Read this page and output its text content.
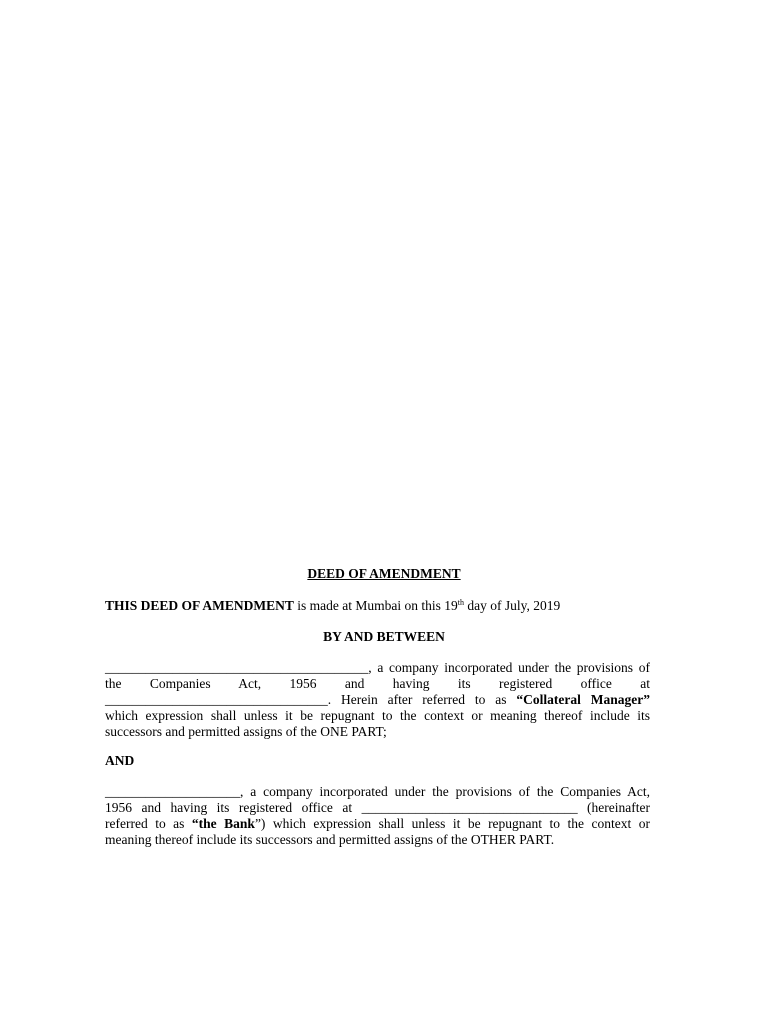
DEED OF AMENDMENT
THIS DEED OF AMENDMENT is made at Mumbai on this 19th day of July, 2019
BY AND BETWEEN
_______________________________________, a company incorporated under the provisions of
the Companies Act, 1956 and having its registered office at
_________________________________. Herein after referred to as “Collateral Manager”
which expression shall unless it be repugnant to the context or meaning thereof include its
successors and permitted assigns of the ONE PART;
AND
____________________, a company incorporated under the provisions of the Companies Act,
1956 and having its registered office at ________________________________ (hereinafter
referred to as “the Bank”) which expression shall unless it be repugnant to the context or
meaning thereof include its successors and permitted assigns of the OTHER PART.
